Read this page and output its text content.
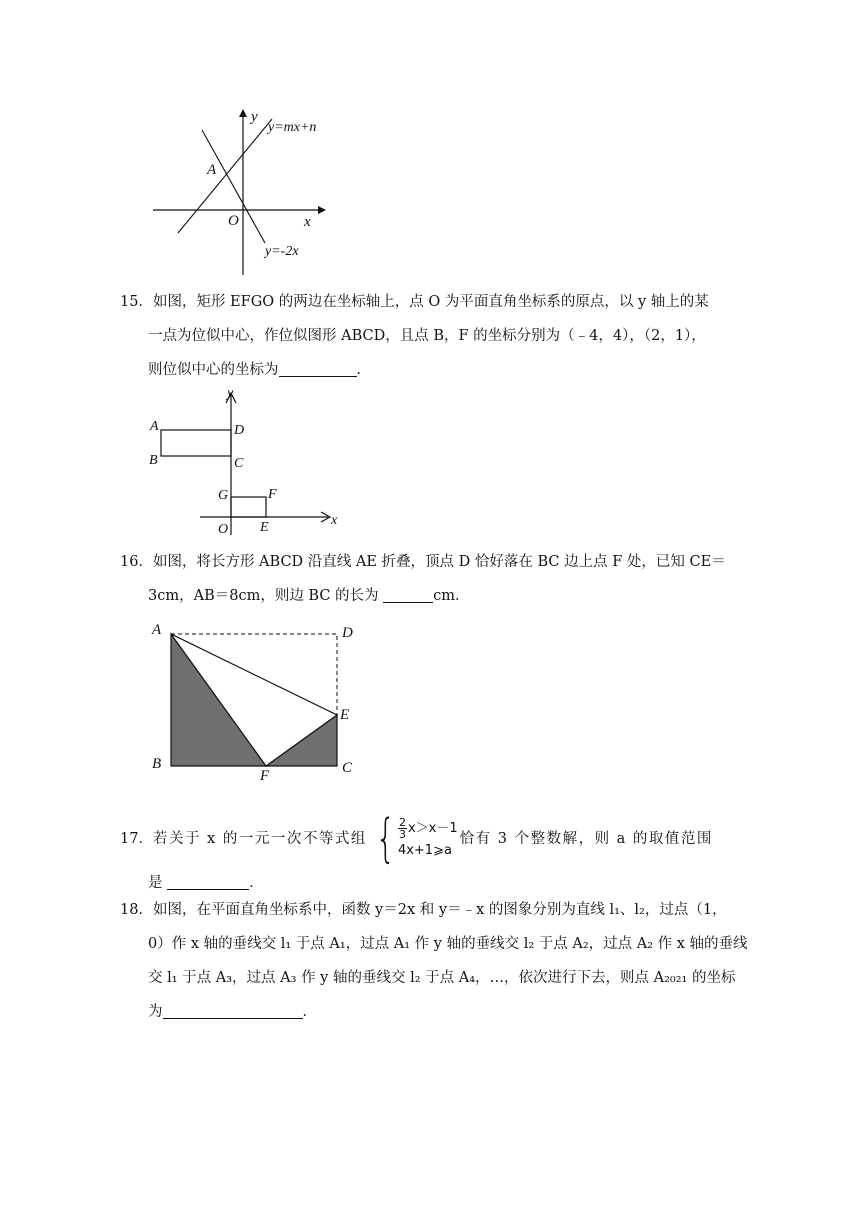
y
x
O
A
y=mx+n
y=-2x
15．如图，矩形 EFGO 的两边在坐标轴上，点 O 为平面直角坐标系的原点，以 y 轴上的某
一点为位似中心，作位似图形 ABCD，且点 B，F 的坐标分别为（﹣4，4），（2，1），
则位似中心的坐标为	．
y
A
B
D
C
G	F
O E	x
16．如图，将长方形 ABCD 沿直线 AE 折叠，顶点 D 恰好落在 BC 边上点 F 处，已知 CE＝
3cm，AB＝8cm，则边 BC 的长为	cm．
A	D
E
B
F	C
17． 若关于 x 的一元一次不等式组 { $\frac{2}{3} x>x-1$
4x+1⩾a
恰有 3 个整数解，则 a 的取值范围
是	．
18．如图，在平面直角坐标系中，函数 y＝2x 和 y＝﹣x 的图象分别为直线 l₁、l₂，过点（1，
0）作 x 轴的垂线交 l₁ 于点 A₁，过点 A₁ 作 y 轴的垂线交 l₂ 于点 A₂，过点 A₂ 作 x 轴的垂线
交 l₁ 于点 A₃，过点 A₃ 作 y 轴的垂线交 l₂ 于点 A₄，…，依次进行下去，则点 A₂₀₂₁ 的坐标
为	．
